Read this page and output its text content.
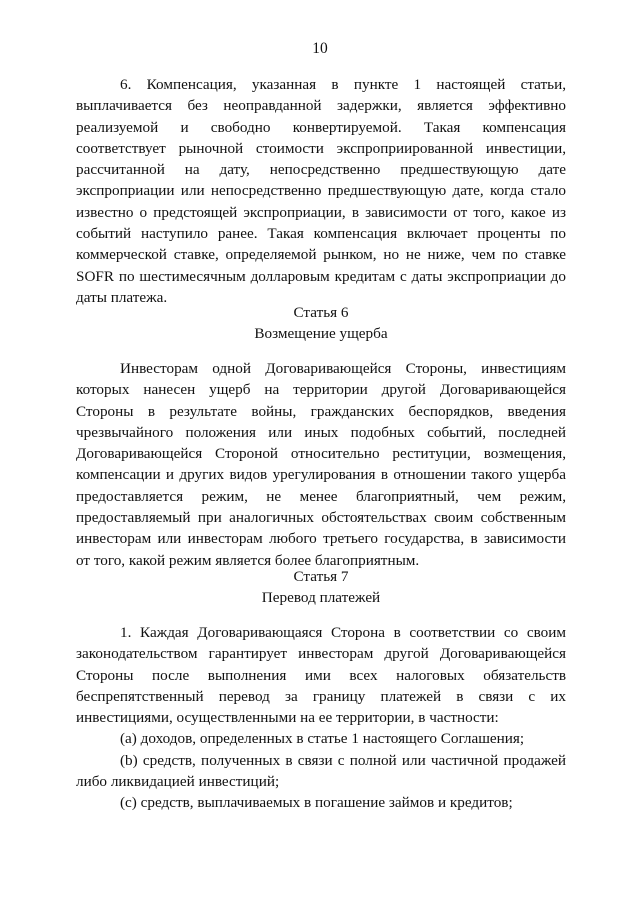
10

6. Компенсация, указанная в пункте 1 настоящей статьи, выплачивается без неоправданной задержки, является эффективно реализуемой и свободно конвертируемой. Такая компенсация соответствует рыночной стоимости экспроприированной инвестиции, рассчитанной на дату, непосредственно предшествующую дате экспроприации или непосредственно предшествующую дате, когда стало известно о предстоящей экспроприации, в зависимости от того, какое из событий наступило ранее. Такая компенсация включает проценты по коммерческой ставке, определяемой рынком, но не ниже, чем по ставке SOFR по шестимесячным долларовым кредитам с даты экспроприации до даты платежа.

Статья 6

Возмещение ущерба

Инвесторам одной Договаривающейся Стороны, инвестициям которых нанесен ущерб на территории другой Договаривающейся Стороны в результате войны, гражданских беспорядков, введения чрезвычайного положения или иных подобных событий, последней Договаривающейся Стороной относительно реституции, возмещения, компенсации и других видов урегулирования в отношении такого ущерба предоставляется режим, не менее благоприятный, чем режим, предоставляемый при аналогичных обстоятельствах своим собственным инвесторам или инвесторам любого третьего государства, в зависимости от того, какой режим является более благоприятным.

Статья 7

Перевод платежей

1. Каждая Договаривающаяся Сторона в соответствии со своим законодательством гарантирует инвесторам другой Договаривающейся Стороны после выполнения ими всех налоговых обязательств беспрепятственный перевод за границу платежей в связи с их инвестициями, осуществленными на ее территории, в частности:

(a) доходов, определенных в статье 1 настоящего Соглашения;

(b) средств, полученных в связи с полной или частичной продажей либо ликвидацией инвестиций;

(c) средств, выплачиваемых в погашение займов и кредитов;
